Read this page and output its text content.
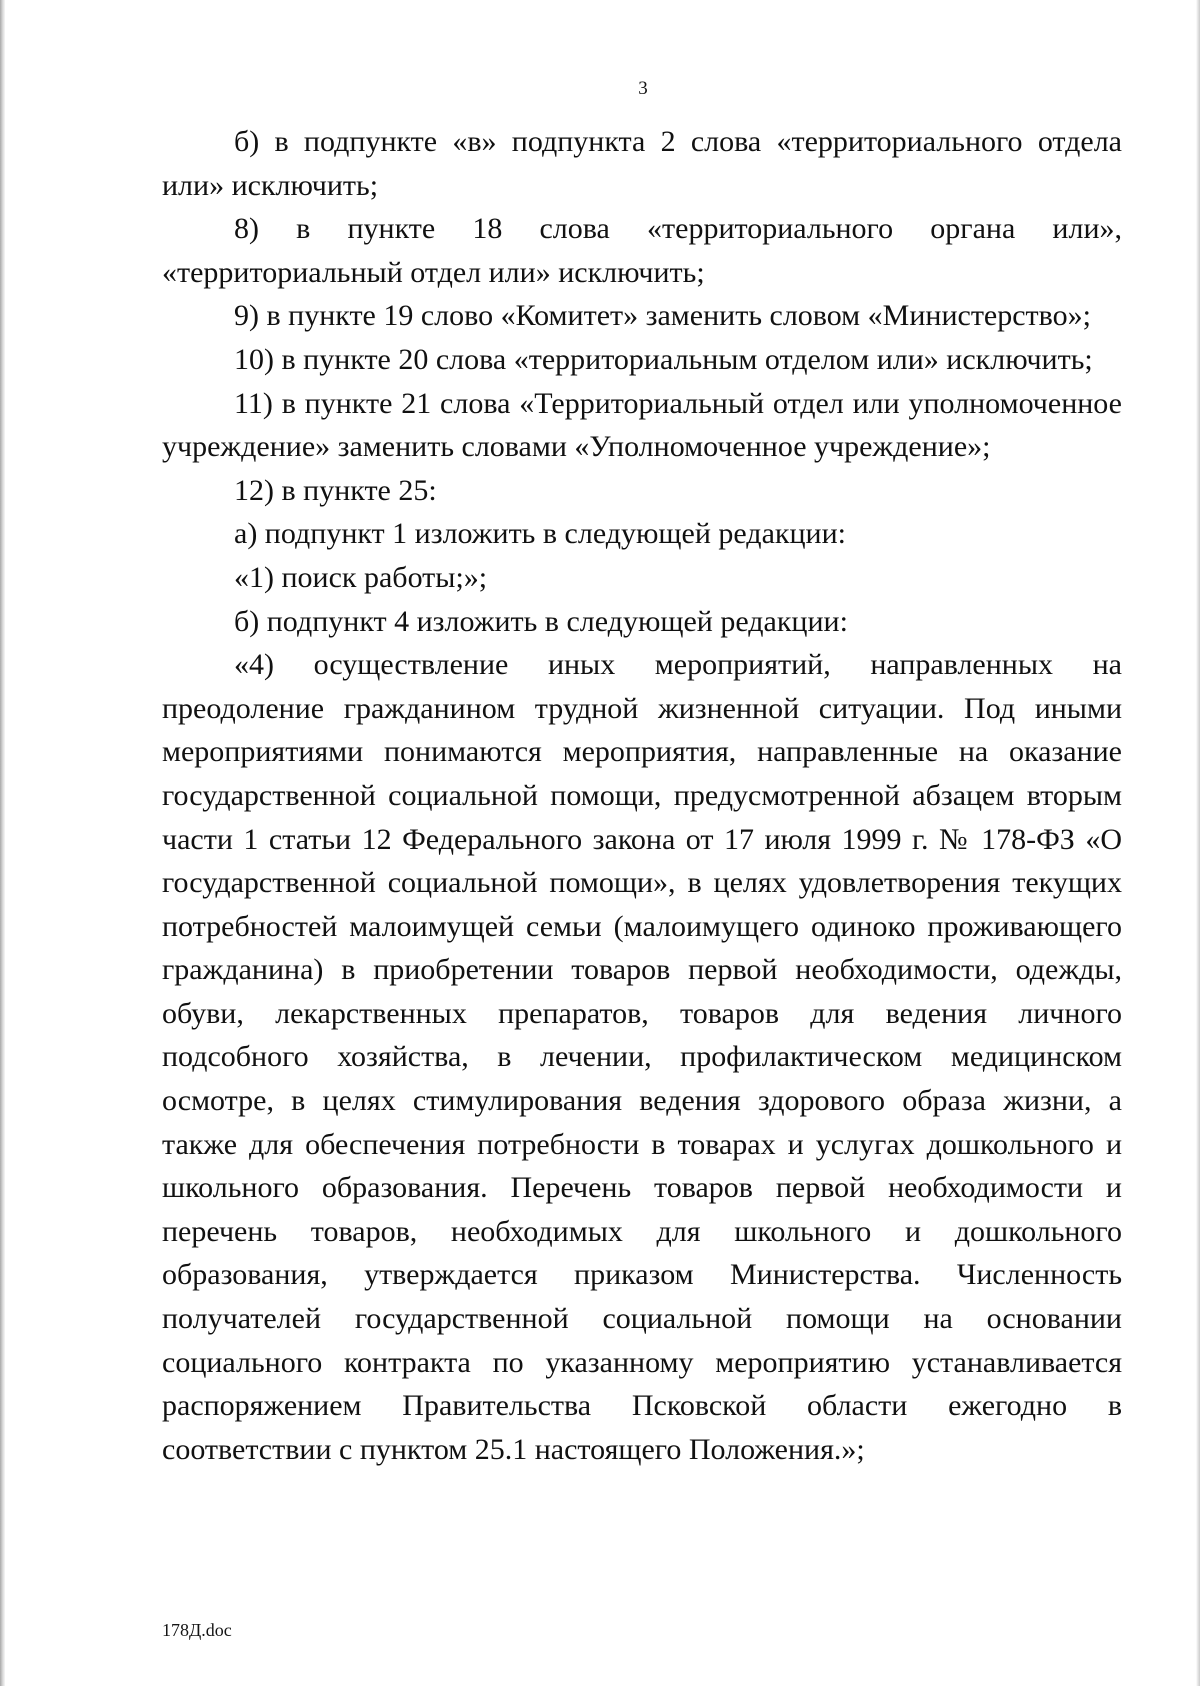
3

б) в подпункте «в» подпункта 2 слова «территориального отдела или» исключить;

8) в пункте 18 слова «территориального органа или», «территориальный отдел или» исключить;

9) в пункте 19 слово «Комитет» заменить словом «Министерство»;

10) в пункте 20 слова «территориальным отделом или» исключить;

11) в пункте 21 слова «Территориальный отдел или уполномоченное учреждение» заменить словами «Уполномоченное учреждение»;

12) в пункте 25:

а) подпункт 1 изложить в следующей редакции:

«1) поиск работы;»;

б) подпункт 4 изложить в следующей редакции:

«4) осуществление иных мероприятий, направленных на преодоление гражданином трудной жизненной ситуации. Под иными мероприятиями понимаются мероприятия, направленные на оказание государственной социальной помощи, предусмотренной абзацем вторым части 1 статьи 12 Федерального закона от 17 июля 1999 г. № 178-ФЗ «О государственной социальной помощи», в целях удовлетворения текущих потребностей малоимущей семьи (малоимущего одиноко проживающего гражданина) в приобретении товаров первой необходимости, одежды, обуви, лекарственных препаратов, товаров для ведения личного подсобного хозяйства, в лечении, профилактическом медицинском осмотре, в целях стимулирования ведения здорового образа жизни, а также для обеспечения потребности в товарах и услугах дошкольного и школьного образования. Перечень товаров первой необходимости и перечень товаров, необходимых для школьного и дошкольного образования, утверждается приказом Министерства. Численность получателей государственной социальной помощи на основании социального контракта по указанному мероприятию устанавливается распоряжением Правительства Псковской области ежегодно в соответствии с пунктом 25.1 настоящего Положения.»;

178Д.doc
